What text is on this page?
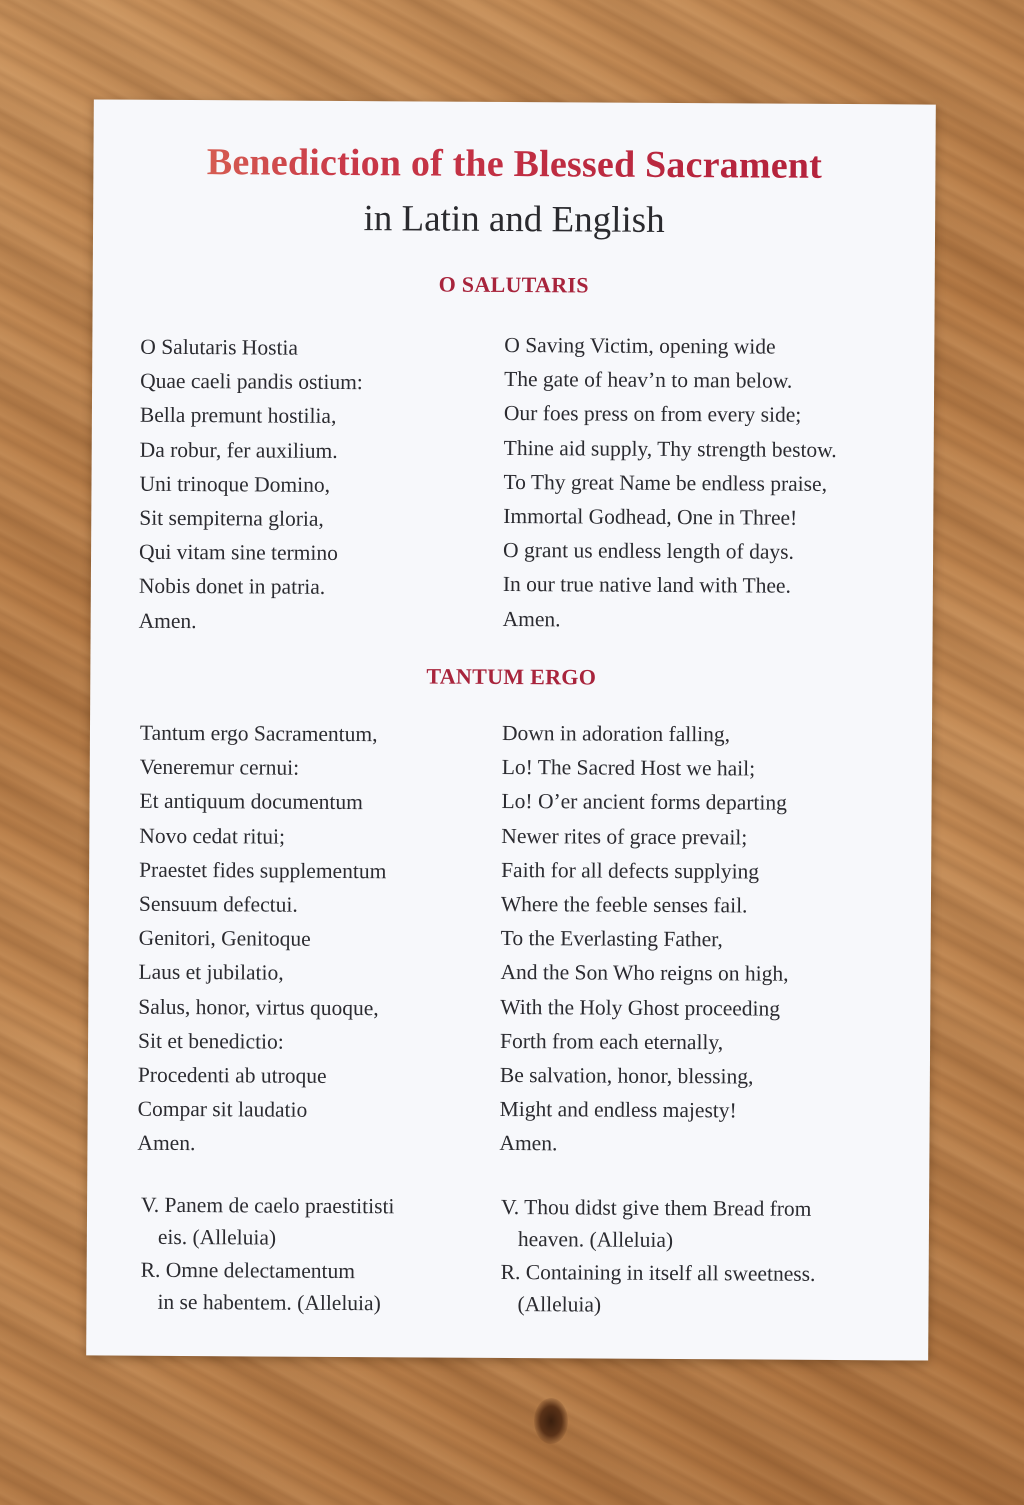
Benediction of the Blessed Sacrament
in Latin and English
O SALUTARIS
O Salutaris Hostia
Quae caeli pandis ostium:
Bella premunt hostilia,
Da robur, fer auxilium.
Uni trinoque Domino,
Sit sempiterna gloria,
Qui vitam sine termino
Nobis donet in patria.
Amen.
O Saving Victim, opening wide
The gate of heav’n to man below.
Our foes press on from every side;
Thine aid supply, Thy strength bestow.
To Thy great Name be endless praise,
Immortal Godhead, One in Three!
O grant us endless length of days.
In our true native land with Thee.
Amen.
TANTUM ERGO
Tantum ergo Sacramentum,
Veneremur cernui:
Et antiquum documentum
Novo cedat ritui;
Praestet fides supplementum
Sensuum defectui.
Genitori, Genitoque
Laus et jubilatio,
Salus, honor, virtus quoque,
Sit et benedictio:
Procedenti ab utroque
Compar sit laudatio
Amen.
Down in adoration falling,
Lo! The Sacred Host we hail;
Lo! O’er ancient forms departing
Newer rites of grace prevail;
Faith for all defects supplying
Where the feeble senses fail.
To the Everlasting Father,
And the Son Who reigns on high,
With the Holy Ghost proceeding
Forth from each eternally,
Be salvation, honor, blessing,
Might and endless majesty!
Amen.
V. Panem de caelo praestitisti
eis. (Alleluia)
R. Omne delectamentum
in se habentem. (Alleluia)
V. Thou didst give them Bread from
heaven. (Alleluia)
R. Containing in itself all sweetness.
(Alleluia)
